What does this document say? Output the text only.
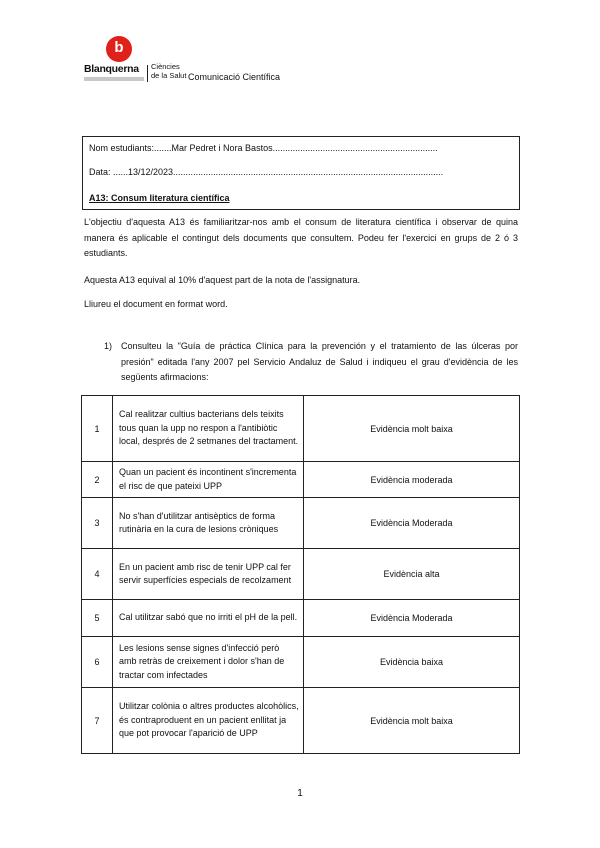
b
Blanquerna Ciències
de la Salut Comunicació Científica
Nom estudiants:.......Mar Pedret i Nora Bastos..................................................................
Data: ......13/12/2023............................................................................................................
A13: Consum literatura científica
L'objectiu d'aquesta A13 és familiaritzar-nos amb el consum de literatura científica i observar de quina manera és aplicable el contingut dels documents que consultem. Podeu fer l'exercici en grups de 2 ó 3 estudiants.
Aquesta A13 equival al 10% d'aquest part de la nota de l'assignatura.
Lliureu el document en format word.
1) Consulteu la "Guía de práctica Clínica para la prevención y el tratamiento de las úlceras por presión" editada l'any 2007 pel Servicio Andaluz de Salud i indiqueu el grau d'evidència de les següents afirmacions:
1	Cal realitzar cultius bacterians dels teixits tous quan la upp no respon a l'antibiòtic local, després de 2 setmanes del tractament.	Evidència molt baixa
2	Quan un pacient és incontinent s'incrementa el risc de que pateixi UPP	Evidència moderada
3	No s'han d'utilitzar antisèptics de forma rutinària en la cura de lesions cròniques	Evidència Moderada
4	En un pacient amb risc de tenir UPP cal fer servir superfícies especials de recolzament	Evidència alta
5	Cal utilitzar sabó que no irriti el pH de la pell.	Evidència Moderada
6	Les lesions sense signes d'infecció però amb retràs de creixement i dolor s'han de tractar com infectades	Evidència baixa
7	Utilitzar colònia o altres productes alcohòlics, és contraproduent en un pacient enllitat ja que pot provocar l'aparició de UPP	Evidència molt baixa
1
